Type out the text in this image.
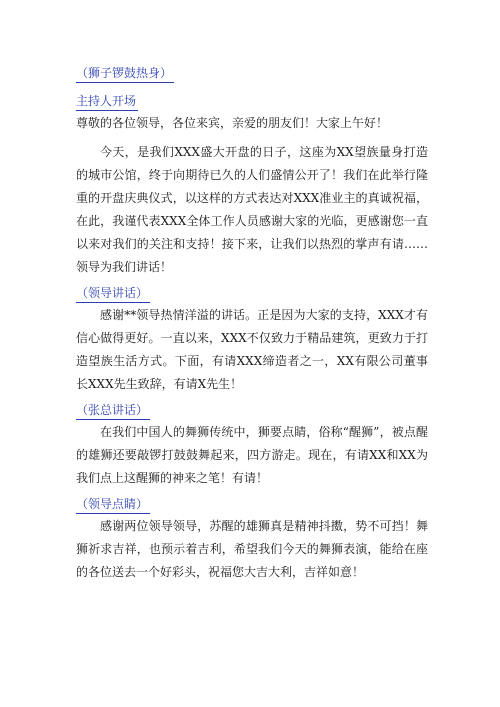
（狮子锣鼓热身）
主持人开场

尊敬的各位领导，各位来宾，亲爱的朋友们！大家上午好！

今天，是我们XXX盛大开盘的日子，这座为XX望族量身打造的城市公馆，终于向期待已久的人们盛情公开了！我们在此举行隆重的开盘庆典仪式，以这样的方式表达对XXX准业主的真诚祝福，在此，我谨代表XXX全体工作人员感谢大家的光临，更感谢您一直以来对我们的关注和支持！接下来，让我们以热烈的掌声有请……领导为我们讲话！

（领导讲话）

感谢**领导热情洋溢的讲话。正是因为大家的支持，XXX才有信心做得更好。一直以来，XXX不仅致力于精品建筑，更致力于打造望族生活方式。下面，有请XXX缔造者之一，XX有限公司董事长XXX先生致辞，有请X先生！

（张总讲话）

在我们中国人的舞狮传统中，狮要点睛，俗称“醒狮”，被点醒的雄狮还要敲锣打鼓鼓舞起来，四方游走。现在，有请XX和XX为我们点上这醒狮的神来之笔！有请！

（领导点睛）

感谢两位领导领导，苏醒的雄狮真是精神抖擞，势不可挡！舞狮祈求吉祥，也预示着吉利，希望我们今天的舞狮表演，能给在座的各位送去一个好彩头，祝福您大吉大利，吉祥如意！
